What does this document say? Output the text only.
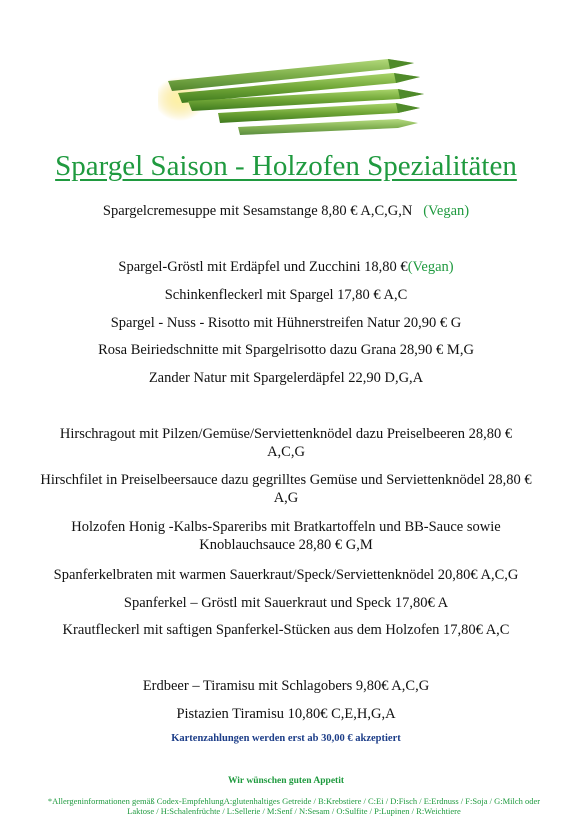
Spargel Saison - Holzofen Spezialitäten
Spargelcremesuppe mit Sesamstange 8,80 € A,C,G,N (Vegan)
Spargel-Gröstl mit Erdäpfel und Zucchini 18,80 €(Vegan)
Schinkenfleckerl mit Spargel 17,80 € A,C
Spargel - Nuss - Risotto mit Hühnerstreifen Natur 20,90 € G
Rosa Beiriedschnitte mit Spargelrisotto dazu Grana 28,90 € M,G
Zander Natur mit Spargelerdäpfel 22,90 D,G,A
Hirschragout mit Pilzen/Gemüse/Serviettenknödel dazu Preiselbeeren 28,80 € A,C,G
Hirschfilet in Preiselbeersauce dazu gegrilltes Gemüse und Serviettenknödel 28,80 € A,G
Holzofen Honig -Kalbs-Spareribs mit Bratkartoffeln und BB-Sauce sowie Knoblauchsauce 28,80 € G,M
Spanferkelbraten mit warmen Sauerkraut/Speck/Serviettenknödel 20,80€ A,C,G
Spanferkel – Gröstl mit Sauerkraut und Speck 17,80€ A
Krautfleckerl mit saftigen Spanferkel-Stücken aus dem Holzofen 17,80€ A,C
Erdbeer – Tiramisu mit Schlagobers 9,80€ A,C,G
Pistazien Tiramisu 10,80€ C,E,H,G,A
Kartenzahlungen werden erst ab 30,00 € akzeptiert
Wir wünschen guten Appetit
*Allergeninformationen gemäß Codex-EmpfehlungA:glutenhaltiges Getreide / B:Krebstiere / C:Ei / D:Fisch / E:Erdnuss / F:Soja / G:Milch oder Laktose / H:Schalenfrüchte / L:Sellerie / M:Senf / N:Sesam / O:Sulfite / P:Lupinen / R:Weichtiere
